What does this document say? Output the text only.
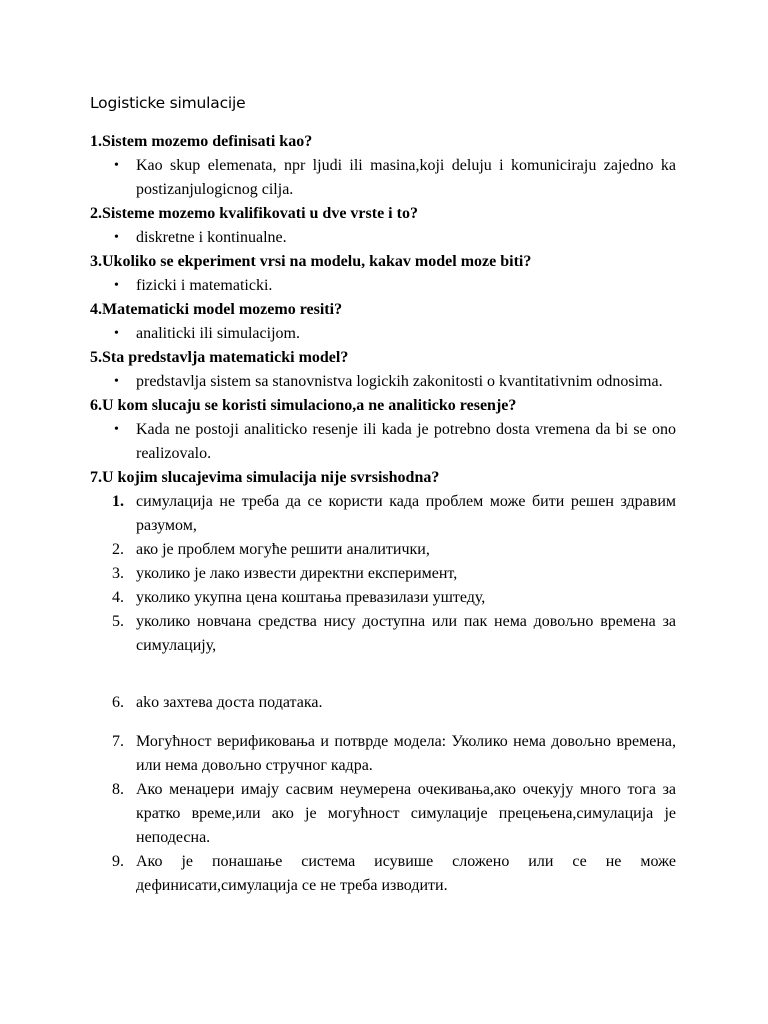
Logisticke simulacije
1.Sistem mozemo definisati kao?
• Kao skup elemenata, npr ljudi ili masina,koji deluju i komuniciraju zajedno ka postizanjulogicnog cilja.
2.Sisteme mozemo kvalifikovati u dve vrste i to?
• diskretne i kontinualne.
3.Ukoliko se ekperiment vrsi na modelu, kakav model moze biti?
• fizicki i matematicki.
4.Matematicki model mozemo resiti?
• analiticki ili simulacijom.
5.Sta predstavlja matematicki model?
• predstavlja sistem sa stanovnistva logickih zakonitosti o kvantitativnim odnosima.
6.U kom slucaju se koristi simulaciono,a ne analiticko resenje?
• Kada ne postoji analiticko resenje ili kada je potrebno dosta vremena da bi se ono realizovalo.
7.U kojim slucajevima simulacija nije svrsishodna?
1. симулација не треба да се користи када проблем може бити решен здравим разумом,
2. ако је проблем могуће решити аналитички,
3. уколико је лако извести директни експеримент,
4. уколико укупна цена коштања превазилази уштеду,
5. уколико новчана средства нису доступна или пак нема довољно времена за симулацију,
6. ako захтева доста података.
7. Могућност верификовања и потврде модела: Уколико нема довољно времена, или нема довољно стручног кадра.
8. Ако менаџери имају сасвим неумерена очекивања,ако очекују много тога за кратко време,или ако је могућност симулације прецењена,симулација је неподесна.
9. Ако је понашање система исувише сложено или се не може дефинисати,симулација се не треба изводити.
